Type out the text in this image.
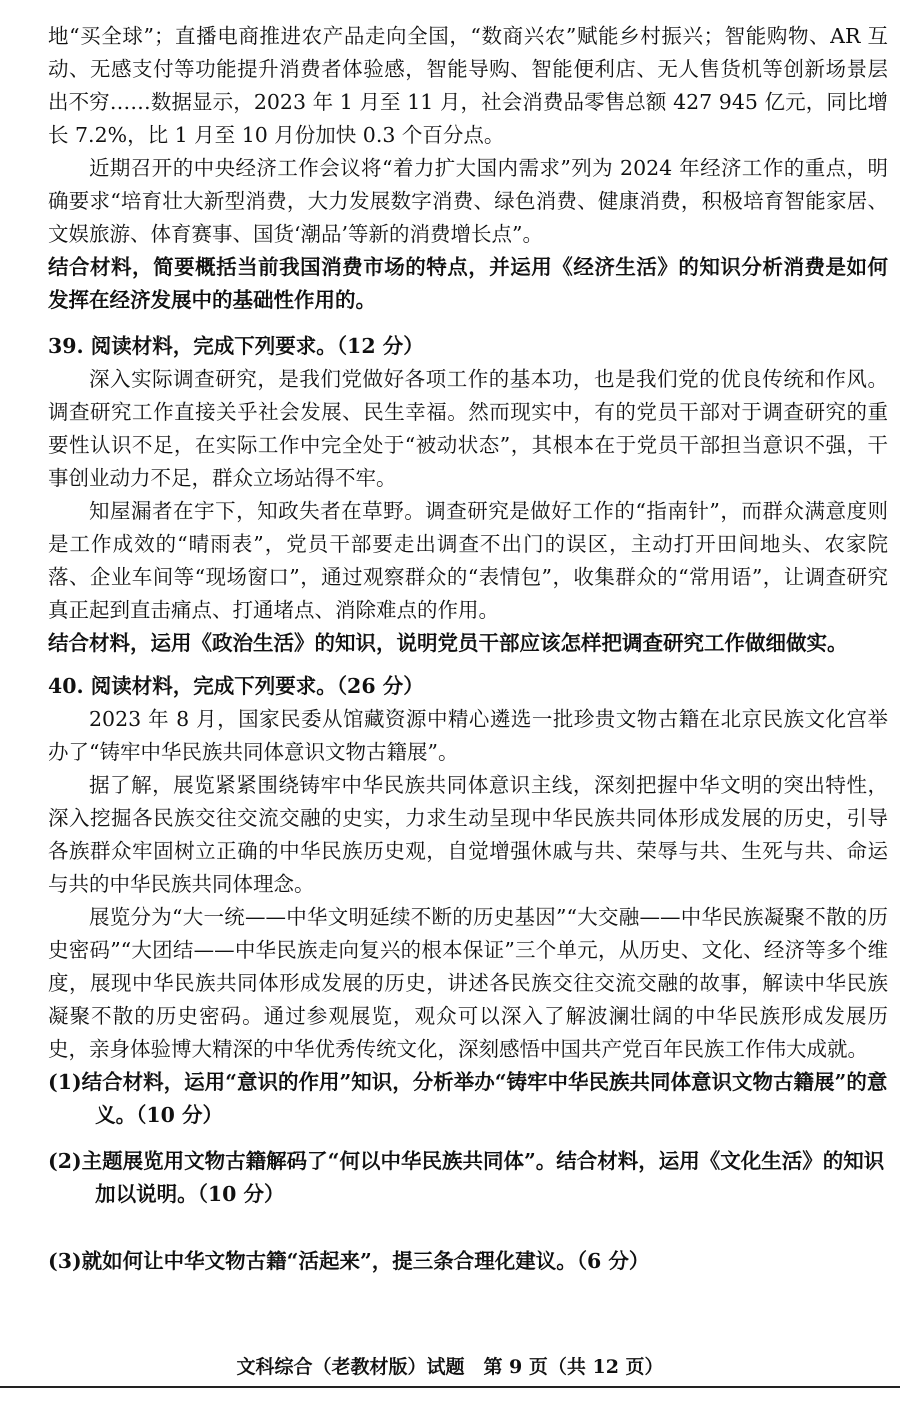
地“买全球”；直播电商推进农产品走向全国，“数商兴农”赋能乡村振兴；智能购物、AR 互动、无感支付等功能提升消费者体验感，智能导购、智能便利店、无人售货机等创新场景层出不穷……数据显示，2023 年 1 月至 11 月，社会消费品零售总额 427 945 亿元，同比增长 7.2%，比 1 月至 10 月份加快 0.3 个百分点。

近期召开的中央经济工作会议将“着力扩大国内需求”列为 2024 年经济工作的重点，明确要求“培育壮大新型消费，大力发展数字消费、绿色消费、健康消费，积极培育智能家居、文娱旅游、体育赛事、国货‘潮品’等新的消费增长点”。

结合材料，简要概括当前我国消费市场的特点，并运用《经济生活》的知识分析消费是如何发挥在经济发展中的基础性作用的。

39. 阅读材料，完成下列要求。（12 分）

深入实际调查研究，是我们党做好各项工作的基本功，也是我们党的优良传统和作风。调查研究工作直接关乎社会发展、民生幸福。然而现实中，有的党员干部对于调查研究的重要性认识不足，在实际工作中完全处于“被动状态”，其根本在于党员干部担当意识不强，干事创业动力不足，群众立场站得不牢。

知屋漏者在宇下，知政失者在草野。调查研究是做好工作的“指南针”，而群众满意度则是工作成效的“晴雨表”，党员干部要走出调查不出门的误区，主动打开田间地头、农家院落、企业车间等“现场窗口”，通过观察群众的“表情包”，收集群众的“常用语”，让调查研究真正起到直击痛点、打通堵点、消除难点的作用。

结合材料，运用《政治生活》的知识，说明党员干部应该怎样把调查研究工作做细做实。

40. 阅读材料，完成下列要求。（26 分）

2023 年 8 月，国家民委从馆藏资源中精心遴选一批珍贵文物古籍在北京民族文化宫举办了“铸牢中华民族共同体意识文物古籍展”。

据了解，展览紧紧围绕铸牢中华民族共同体意识主线，深刻把握中华文明的突出特性，深入挖掘各民族交往交流交融的史实，力求生动呈现中华民族共同体形成发展的历史，引导各族群众牢固树立正确的中华民族历史观，自觉增强休戚与共、荣辱与共、生死与共、命运与共的中华民族共同体理念。

展览分为“大一统——中华文明延续不断的历史基因”“大交融——中华民族凝聚不散的历史密码”“大团结——中华民族走向复兴的根本保证”三个单元，从历史、文化、经济等多个维度，展现中华民族共同体形成发展的历史，讲述各民族交往交流交融的故事，解读中华民族凝聚不散的历史密码。通过参观展览，观众可以深入了解波澜壮阔的中华民族形成发展历史，亲身体验博大精深的中华优秀传统文化，深刻感悟中国共产党百年民族工作伟大成就。

(1)结合材料，运用“意识的作用”知识，分析举办“铸牢中华民族共同体意识文物古籍展”的意义。（10 分）

(2)主题展览用文物古籍解码了“何以中华民族共同体”。结合材料，运用《文化生活》的知识加以说明。（10 分）

(3)就如何让中华文物古籍“活起来”，提三条合理化建议。（6 分）

文科综合（老教材版）试题　第 9 页（共 12 页）
